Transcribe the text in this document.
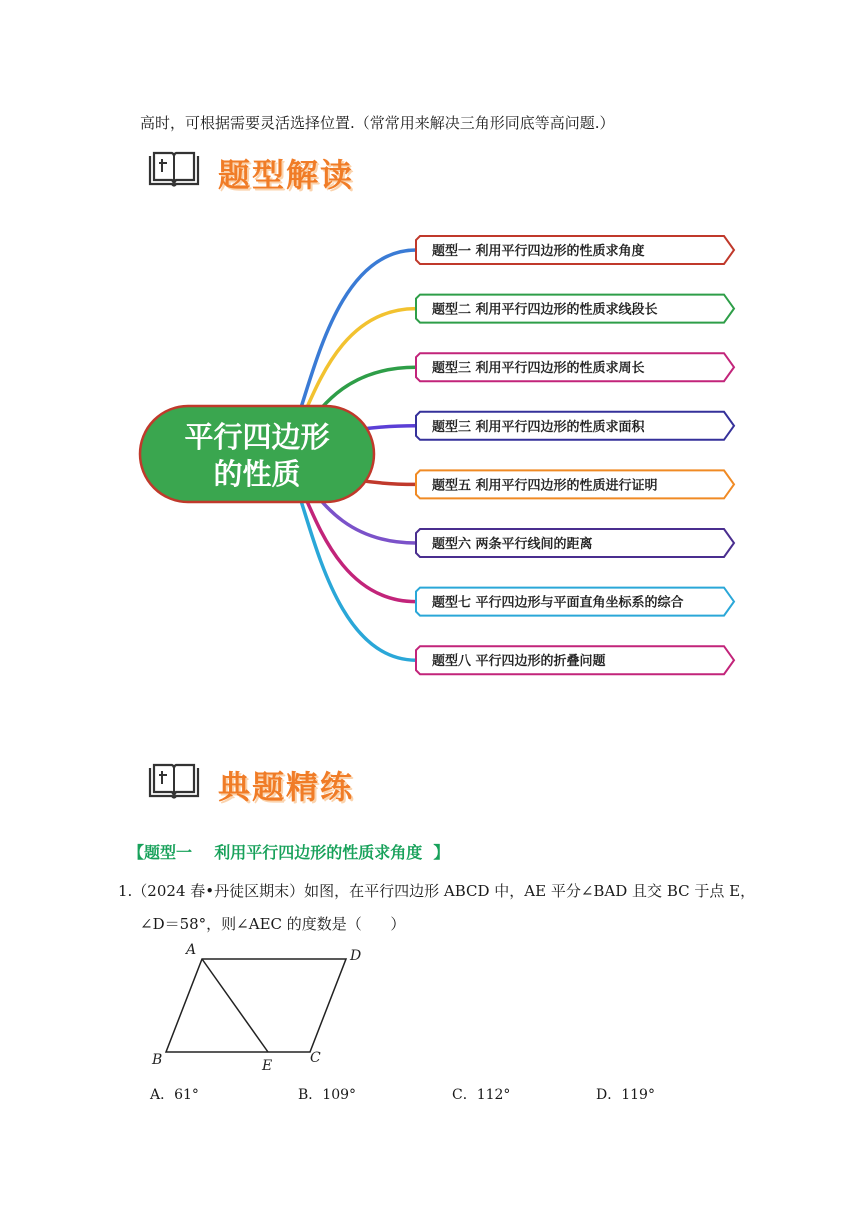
高时，可根据需要灵活选择位置.（常常用来解决三角形同底等高问题.）
题型解读
题型一 利用平行四边形的性质求角度
题型二 利用平行四边形的性质求线段长
题型三 利用平行四边形的性质求周长
题型三 利用平行四边形的性质求面积
题型五 利用平行四边形的性质进行证明
题型六 两条平行线间的距离
题型七 平行四边形与平面直角坐标系的综合
题型八 平行四边形的折叠问题
平行四边形
的性质
典题精练
【题型一    利用平行四边形的性质求角度  】
1.（2024 春•丹徒区期末）如图，在平行四边形 ABCD 中，AE 平分∠BAD 且交 BC 于点 E，
∠D＝58°，则∠AEC 的度数是（      ）
A	D
B	E	C
A．61°	B．109°	C．112°	D．119°
